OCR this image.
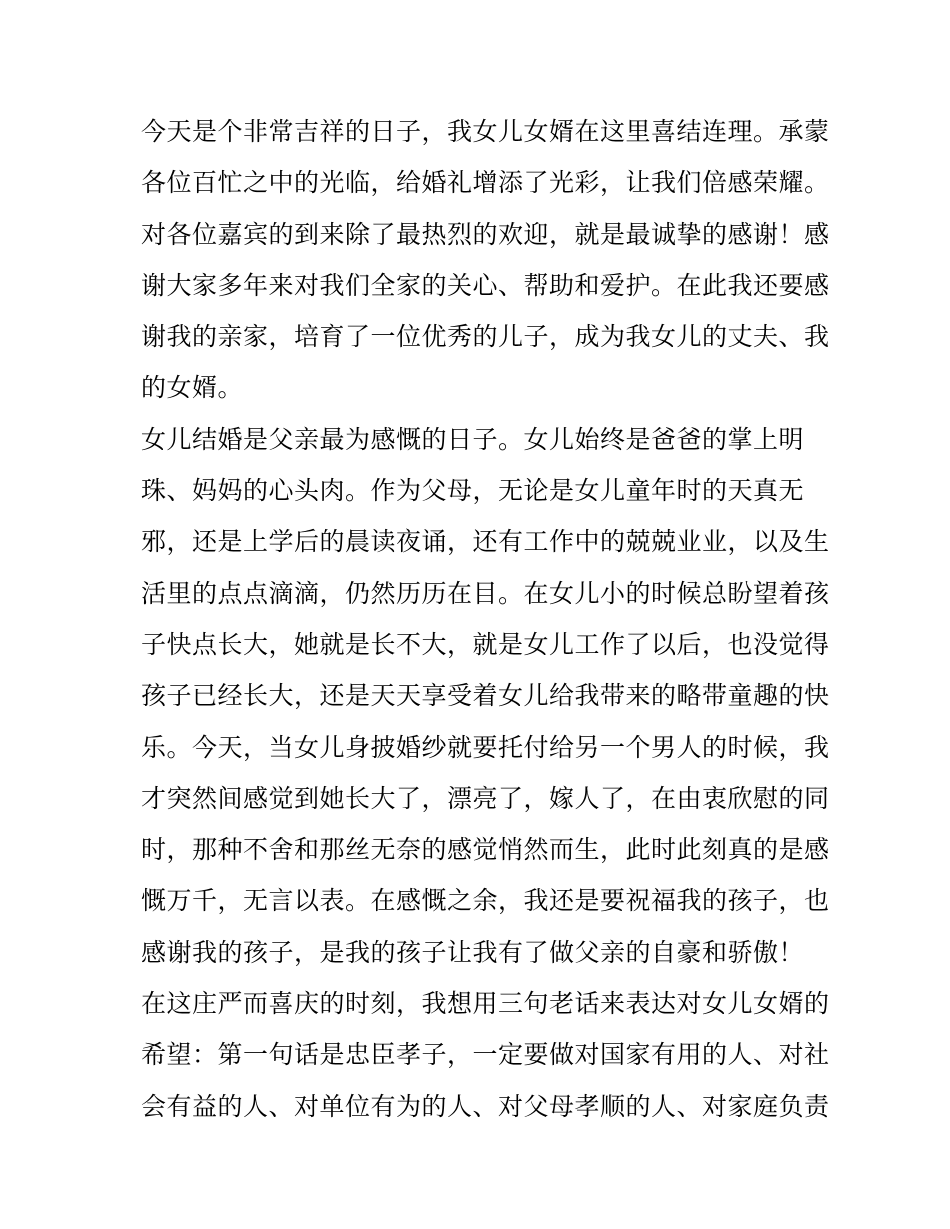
今天是个非常吉祥的日子，我女儿女婿在这里喜结连理。承蒙
各位百忙之中的光临，给婚礼增添了光彩，让我们倍感荣耀。
对各位嘉宾的到来除了最热烈的欢迎，就是最诚挚的感谢！感
谢大家多年来对我们全家的关心、帮助和爱护。在此我还要感
谢我的亲家，培育了一位优秀的儿子，成为我女儿的丈夫、我
的女婿。
女儿结婚是父亲最为感慨的日子。女儿始终是爸爸的掌上明
珠、妈妈的心头肉。作为父母，无论是女儿童年时的天真无
邪，还是上学后的晨读夜诵，还有工作中的兢兢业业，以及生
活里的点点滴滴，仍然历历在目。在女儿小的时候总盼望着孩
子快点长大，她就是长不大，就是女儿工作了以后，也没觉得
孩子已经长大，还是天天享受着女儿给我带来的略带童趣的快
乐。今天，当女儿身披婚纱就要托付给另一个男人的时候，我
才突然间感觉到她长大了，漂亮了，嫁人了，在由衷欣慰的同
时，那种不舍和那丝无奈的感觉悄然而生，此时此刻真的是感
慨万千，无言以表。在感慨之余，我还是要祝福我的孩子，也
感谢我的孩子，是我的孩子让我有了做父亲的自豪和骄傲！
在这庄严而喜庆的时刻，我想用三句老话来表达对女儿女婿的
希望：第一句话是忠臣孝子，一定要做对国家有用的人、对社
会有益的人、对单位有为的人、对父母孝顺的人、对家庭负责
